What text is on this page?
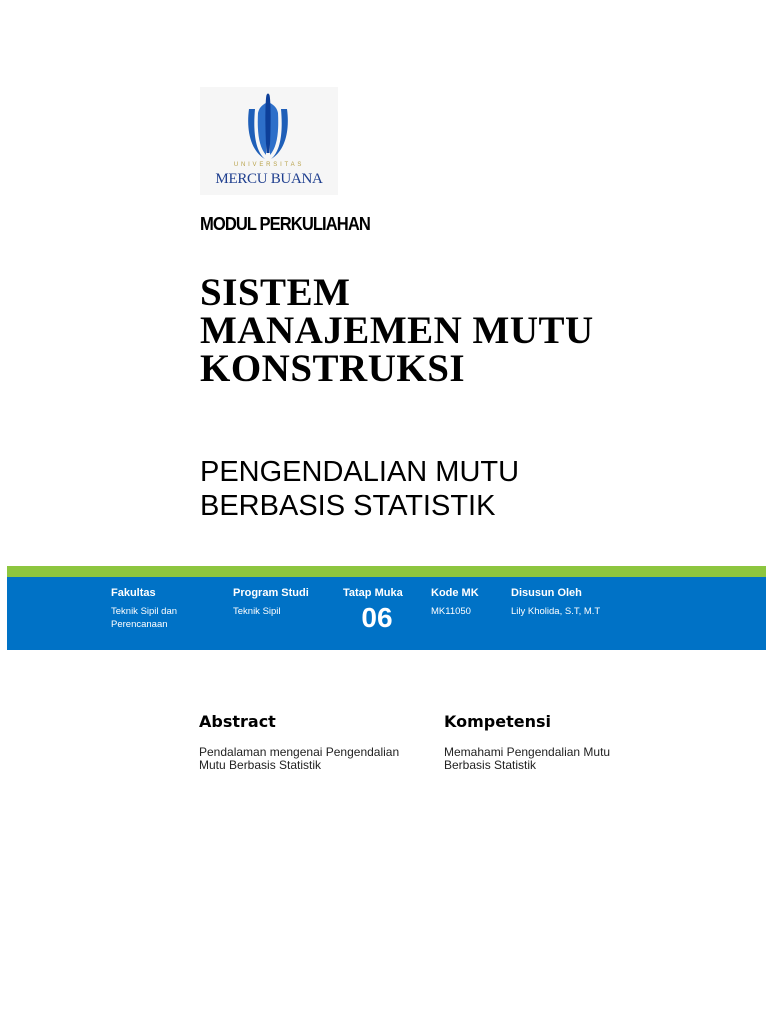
UNIVERSITAS
MERCU BUANA
MODUL PERKULIAHAN
SISTEM
MANAJEMEN MUTU
KONSTRUKSI
PENGENDALIAN MUTU
BERBASIS STATISTIK
Fakultas
Teknik Sipil dan
Perencanaan
Program Studi
Teknik Sipil
Tatap Muka
06
Kode MK
MK11050
Disusun Oleh
Lily Kholida, S.T, M.T
Abstract
Pendalaman mengenai Pengendalian
Mutu Berbasis Statistik
Kompetensi
Memahami Pengendalian Mutu
Berbasis Statistik
